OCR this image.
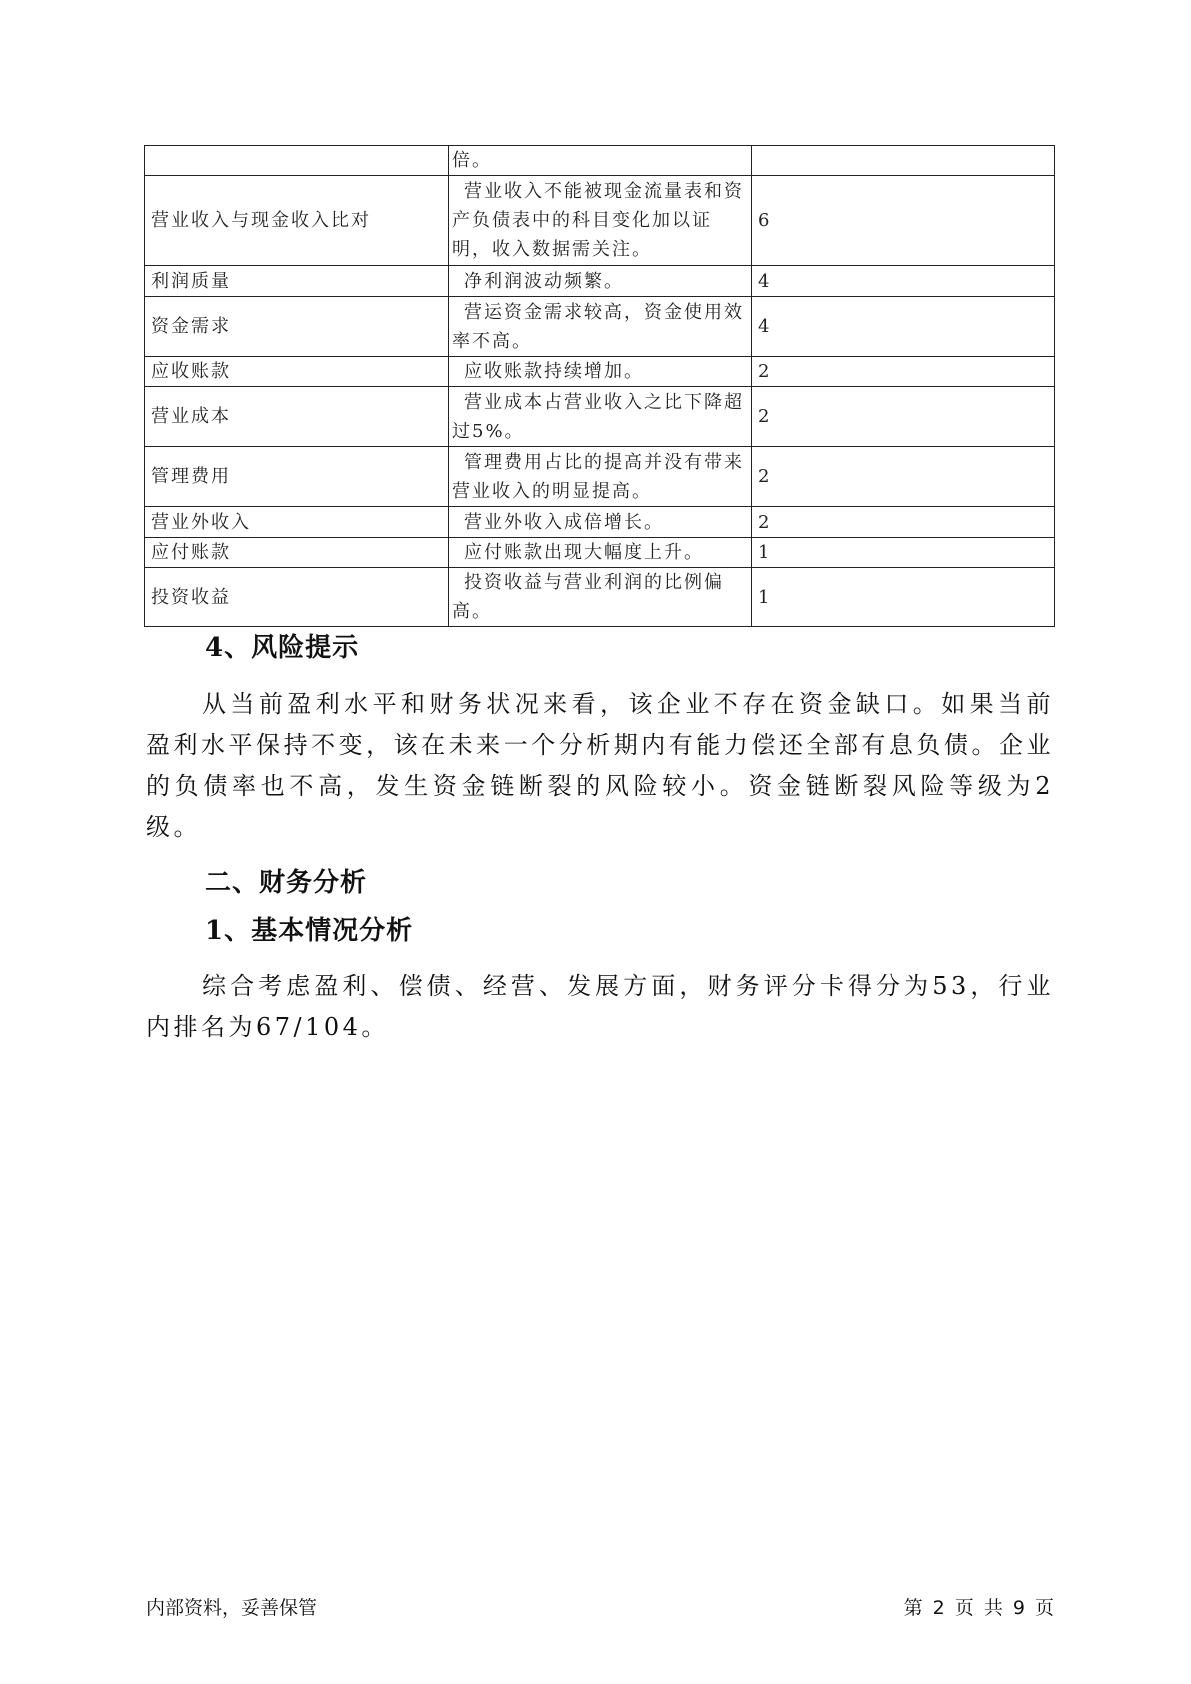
	倍。	

营业收入与现金收入比对	营业收入不能被现金流量表和资产负债表中的科目变化加以证明，收入数据需关注。	6
利润质量	净利润波动频繁。	4
资金需求	营运资金需求较高，资金使用效率不高。	4
应收账款	应收账款持续增加。	2
营业成本	营业成本占营业收入之比下降超过5%。	2
管理费用	管理费用占比的提高并没有带来营业收入的明显提高。	2
营业外收入	营业外收入成倍增长。	2
应付账款	应付账款出现大幅度上升。	1
投资收益	投资收益与营业利润的比例偏高。	1
4、风险提示
从当前盈利水平和财务状况来看，该企业不存在资金缺口。如果当前盈利水平保持不变，该在未来一个分析期内有能力偿还全部有息负债。企业的负债率也不高，发生资金链断裂的风险较小。资金链断裂风险等级为2级。
二、财务分析
1、基本情况分析
综合考虑盈利、偿债、经营、发展方面，财务评分卡得分为53，行业内排名为67/104。
内部资料，妥善保管	第 2 页 共 9 页
